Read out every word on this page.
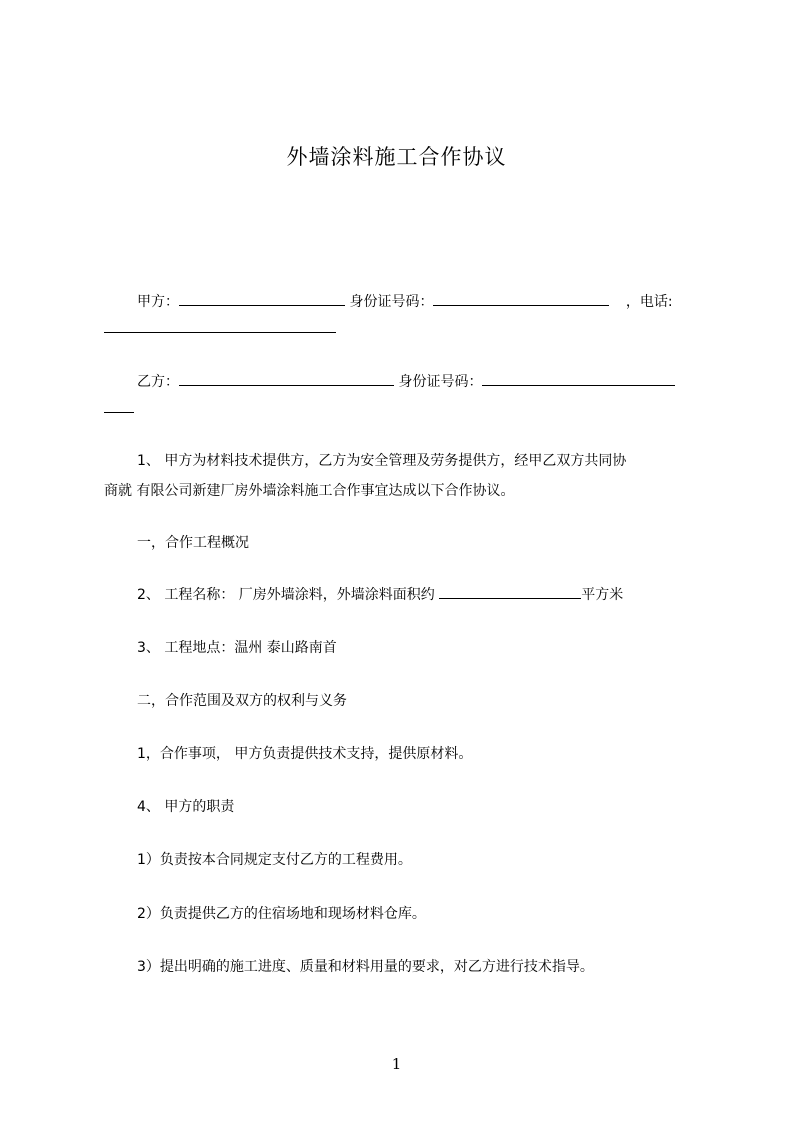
外墙涂料施工合作协议
甲方：	身份证号码：	，电话:
乙方：	身份证号码：
1、 甲方为材料技术提供方，乙方为安全管理及劳务提供方，经甲乙双方共同协
商就 有限公司新建厂房外墙涂料施工合作事宜达成以下合作协议。
一，合作工程概况
2、 工程名称： 厂房外墙涂料，外墙涂料面积约	平方米
3、 工程地点：温州 泰山路南首
二，合作范围及双方的权利与义务
1，合作事项， 甲方负责提供技术支持，提供原材料。
4、 甲方的职责
1）负责按本合同规定支付乙方的工程费用。
2）负责提供乙方的住宿场地和现场材料仓库。
3）提出明确的施工进度、质量和材料用量的要求，对乙方进行技术指导。
1
